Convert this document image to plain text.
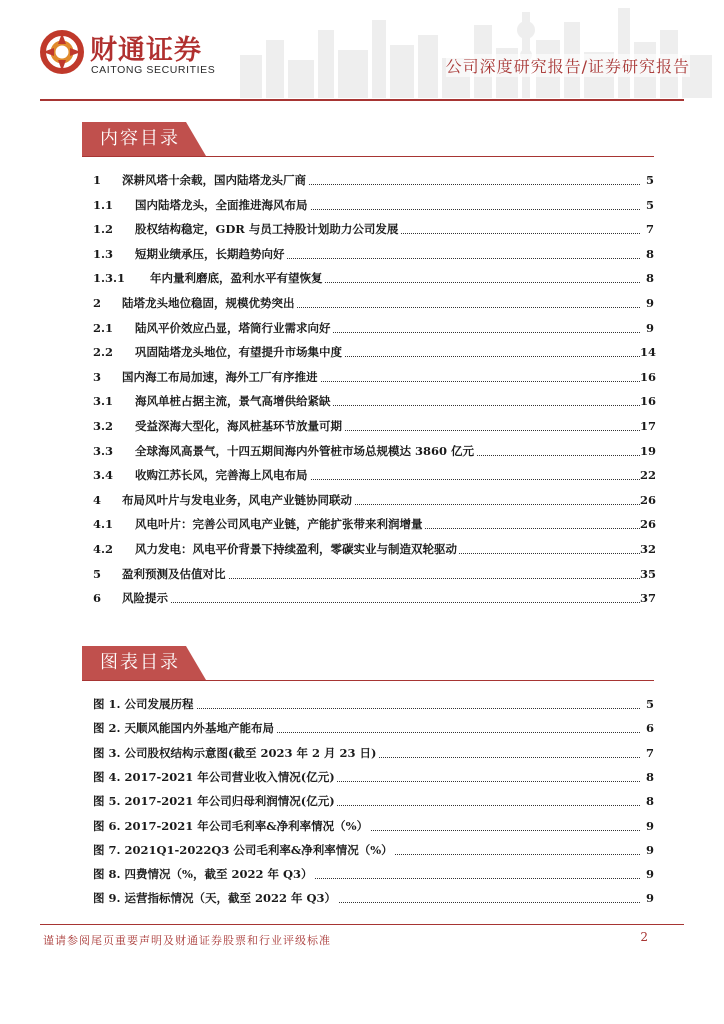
财通证券
CAITONG SECURITIES	公司深度研究报告/证券研究报告
内容目录
1	深耕风塔十余载，国内陆塔龙头厂商	5
1.1	国内陆塔龙头，全面推进海风布局	5
1.2	股权结构稳定，GDR 与员工持股计划助力公司发展	7
1.3	短期业绩承压，长期趋势向好	8
1.3.1	年内量利磨底，盈利水平有望恢复	8
2	陆塔龙头地位稳固，规模优势突出	9
2.1	陆风平价效应凸显，塔筒行业需求向好	9
2.2	巩固陆塔龙头地位，有望提升市场集中度	14
3	国内海工布局加速，海外工厂有序推进	16
3.1	海风单桩占据主流，景气高增供给紧缺	16
3.2	受益深海大型化，海风桩基环节放量可期	17
3.3	全球海风高景气，十四五期间海内外管桩市场总规模达 3860 亿元	19
3.4	收购江苏长风，完善海上风电布局	22
4	布局风叶片与发电业务，风电产业链协同联动	26
4.1	风电叶片：完善公司风电产业链，产能扩张带来利润增量	26
4.2	风力发电：风电平价背景下持续盈利，零碳实业与制造双轮驱动	32
5	盈利预测及估值对比	35
6	风险提示	37
图表目录
图 1. 公司发展历程	5
图 2. 天顺风能国内外基地产能布局	6
图 3. 公司股权结构示意图(截至 2023 年 2 月 23 日)	7
图 4. 2017-2021 年公司营业收入情况(亿元)	8
图 5. 2017-2021 年公司归母利润情况(亿元)	8
图 6. 2017-2021 年公司毛利率&净利率情况（%）	9
图 7. 2021Q1-2022Q3 公司毛利率&净利率情况（%）	9
图 8. 四费情况（%，截至 2022 年 Q3）	9
图 9. 运营指标情况（天，截至 2022 年 Q3）	9
谨请参阅尾页重要声明及财通证券股票和行业评级标准	2
